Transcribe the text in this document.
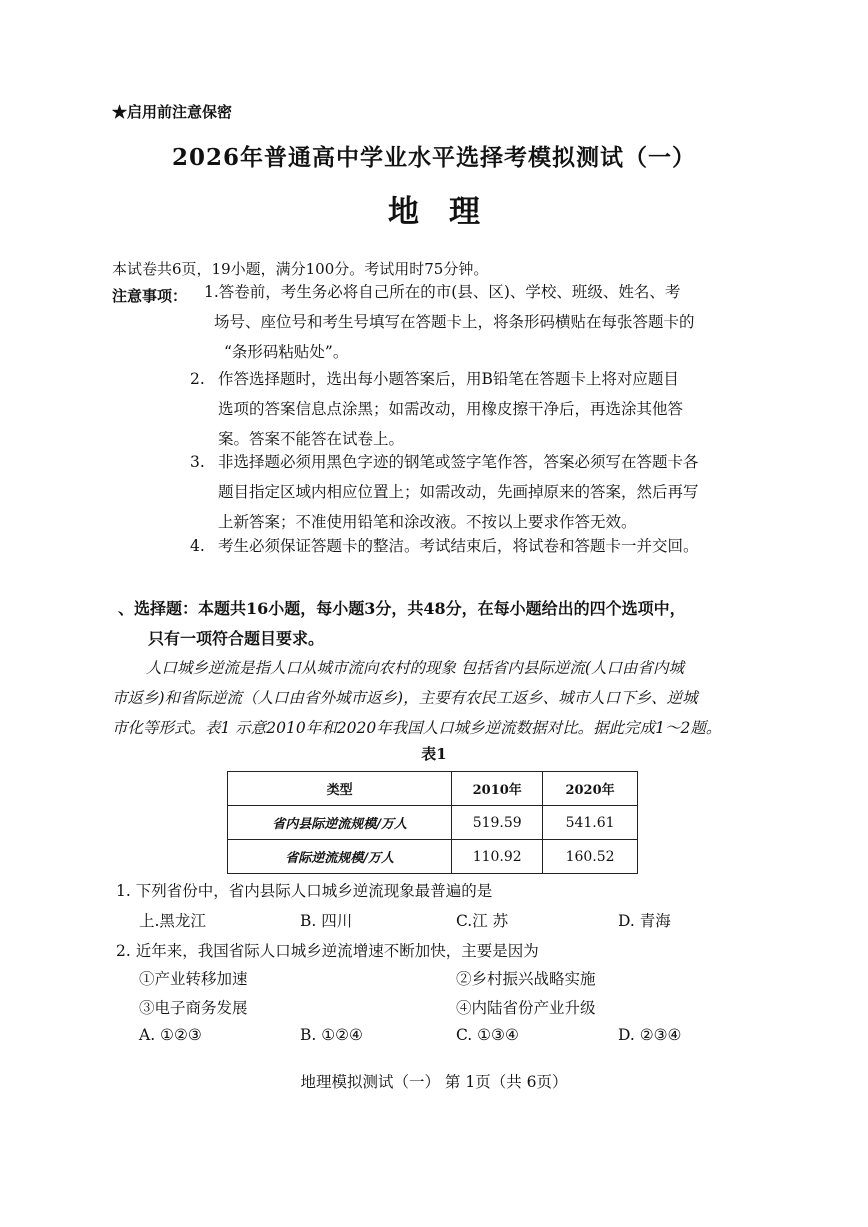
★启用前注意保密
2026年普通高中学业水平选择考模拟测试（一）
地理
本试卷共6页，19小题，满分100分。考试用时75分钟。
注意事项： 1.答卷前，考生务必将自己所在的市(县、区)、学校、班级、姓名、考
场号、座位号和考生号填写在答题卡上，将条形码横贴在每张答题卡的
“条形码粘贴处”。
2. 作答选择题时，选出每小题答案后，用B铅笔在答题卡上将对应题目
选项的答案信息点涂黑；如需改动，用橡皮擦干净后，再选涂其他答
案。答案不能答在试卷上。
3. 非选择题必须用黑色字迹的钢笔或签字笔作答，答案必须写在答题卡各
题目指定区域内相应位置上；如需改动，先画掉原来的答案，然后再写
上新答案；不准使用铅笔和涂改液。不按以上要求作答无效。
4. 考生必须保证答题卡的整洁。考试结束后，将试卷和答题卡一并交回。
、选择题：本题共16小题，每小题3分，共48分，在每小题给出的四个选项中，
只有一项符合题目要求。
人口城乡逆流是指人口从城市流向农村的现象 包括省内县际逆流(人口由省内城
市返乡)和省际逆流（人口由省外城市返乡)，主要有农民工返乡、城市人口下乡、逆城
市化等形式。表1 示意2010年和2020年我国人口城乡逆流数据对比。据此完成1～2题。
表1
类型	2010年	2020年
省内县际逆流规模/万人	519.59	541.61
省际逆流规模/万人	110.92	160.52
1. 下列省份中，省内县际人口城乡逆流现象最普遍的是
上.黑龙江	B. 四川	C.江 苏	D. 青海
2. 近年来，我国省际人口城乡逆流增速不断加快，主要是因为
①产业转移加速	②乡村振兴战略实施
③电子商务发展	④内陆省份产业升级
A. ①②③	B. ①②④	C. ①③④	D. ②③④
地理模拟测试（一） 第 1页（共 6页）
